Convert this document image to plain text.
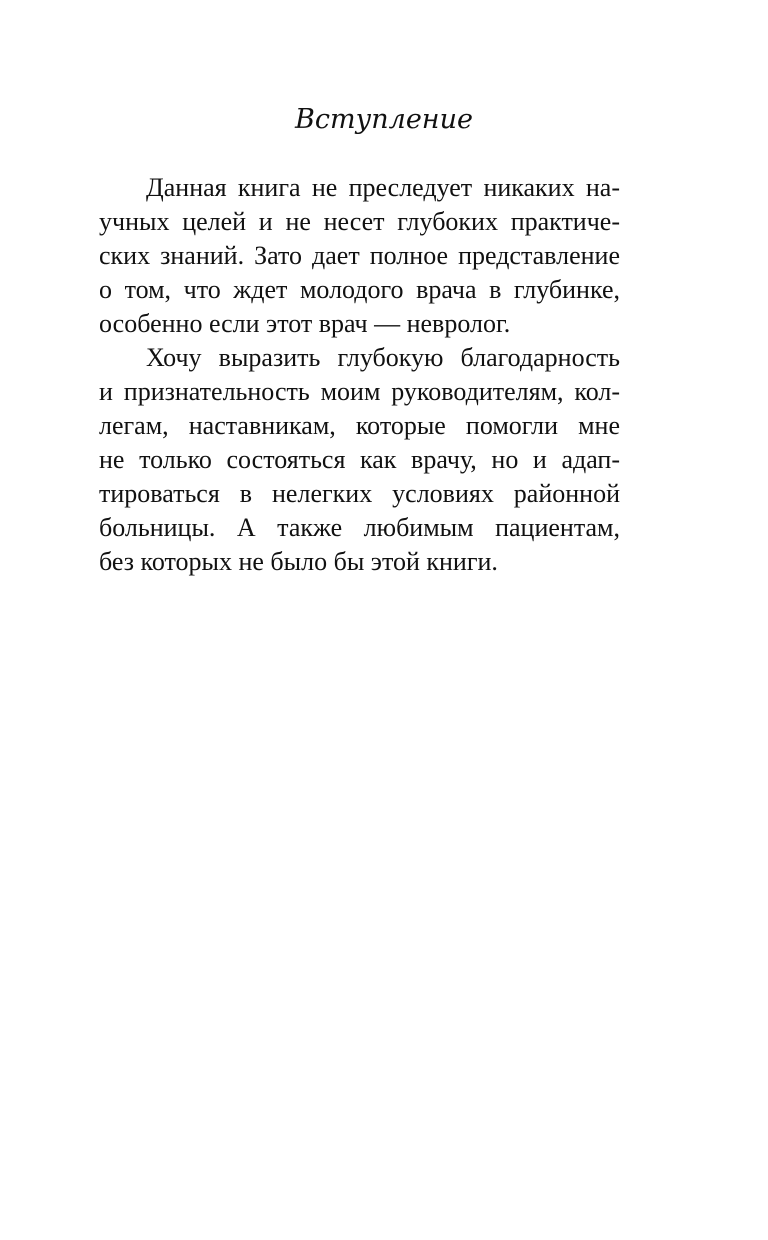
Вступление
Данная книга не преследует никаких на-
учных целей и не несет глубоких практиче-
ских знаний. Зато дает полное представление
о том, что ждет молодого врача в глубинке,
особенно если этот врач — невролог.
Хочу выразить глубокую благодарность
и признательность моим руководителям, кол-
легам, наставникам, которые помогли мне
не только состояться как врачу, но и адап-
тироваться в нелегких условиях районной
больницы. А также любимым пациентам,
без которых не было бы этой книги.
